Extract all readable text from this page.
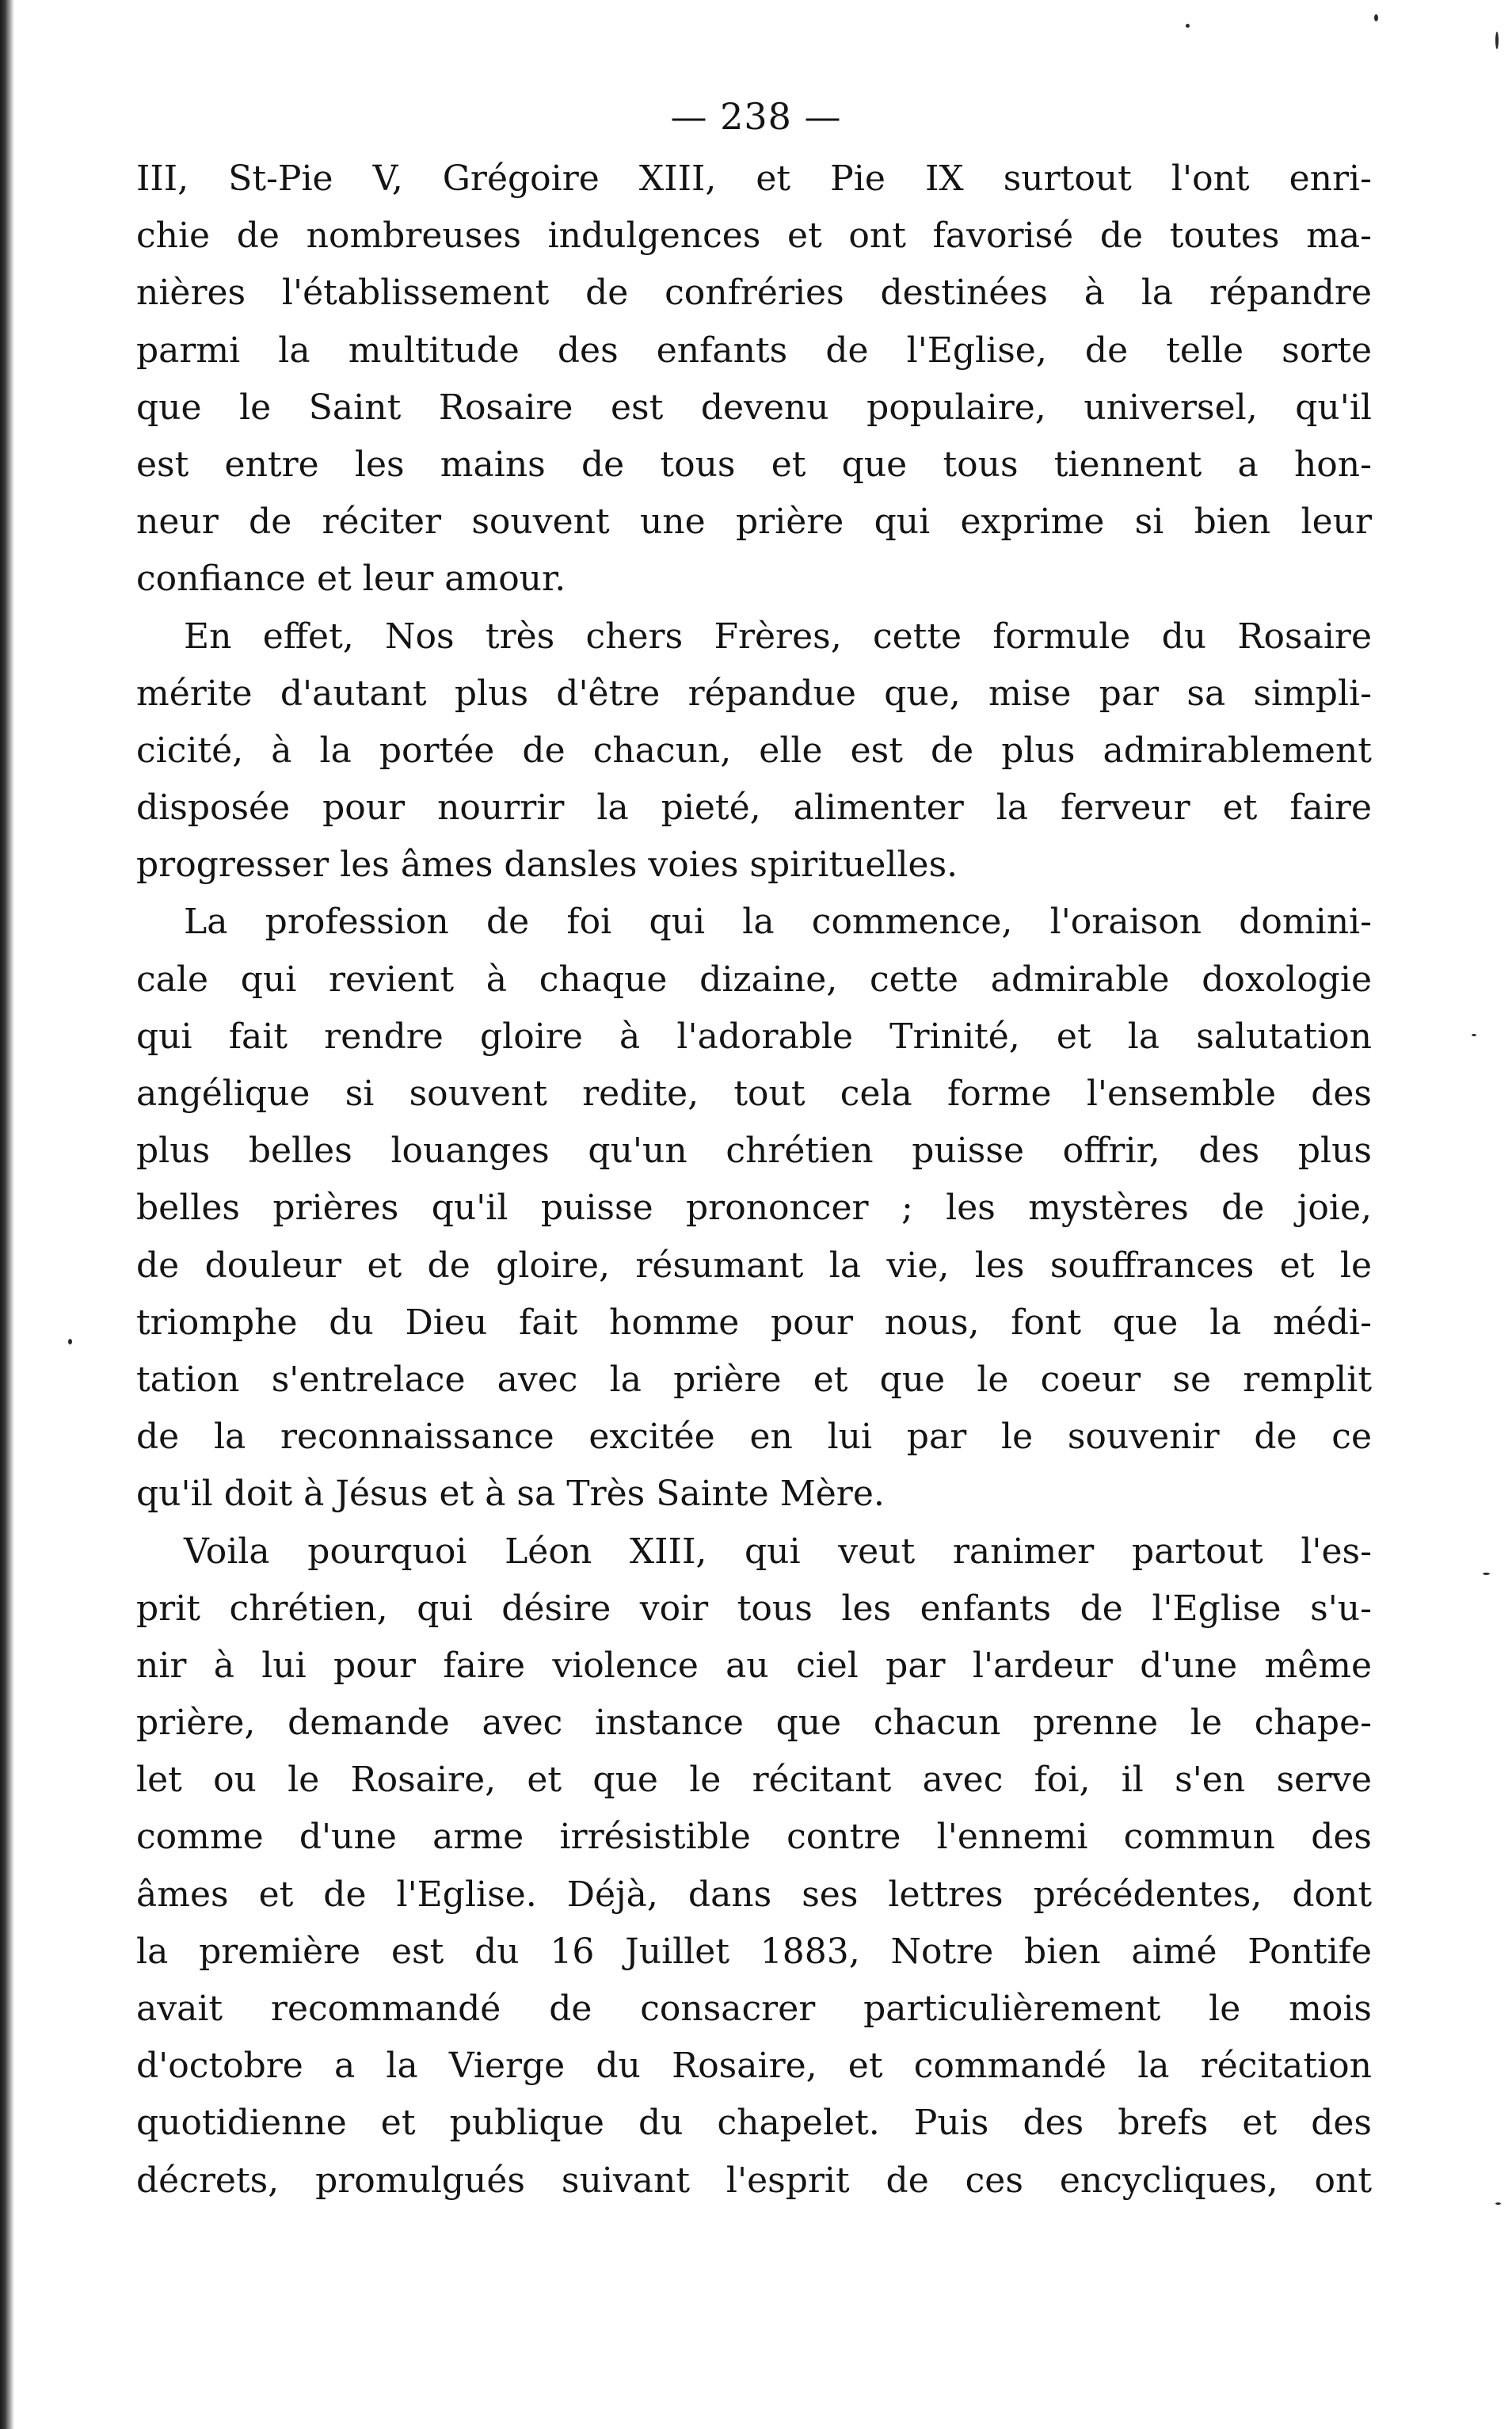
— 238 —
III, St-Pie V, Grégoire XIII, et Pie IX surtout l'ont enri-
chie de nombreuses indulgences et ont favorisé de toutes ma-
nières l'établissement de confréries destinées à la répandre
parmi la multitude des enfants de l'Eglise, de telle sorte
que le Saint Rosaire est devenu populaire, universel, qu'il
est entre les mains de tous et que tous tiennent a hon-
neur de réciter souvent une prière qui exprime si bien leur
confiance et leur amour.
En effet, Nos très chers Frères, cette formule du Rosaire
mérite d'autant plus d'être répandue que, mise par sa simpli-
cicité, à la portée de chacun, elle est de plus admirablement
disposée pour nourrir la pieté, alimenter la ferveur et faire
progresser les âmes dansles voies spirituelles.
La profession de foi qui la commence, l'oraison domini-
cale qui revient à chaque dizaine, cette admirable doxologie
qui fait rendre gloire à l'adorable Trinité, et la salutation
angélique si souvent redite, tout cela forme l'ensemble des
plus belles louanges qu'un chrétien puisse offrir, des plus
belles prières qu'il puisse prononcer ; les mystères de joie,
de douleur et de gloire, résumant la vie, les souffrances et le
triomphe du Dieu fait homme pour nous, font que la médi-
tation s'entrelace avec la prière et que le coeur se remplit
de la reconnaissance excitée en lui par le souvenir de ce
qu'il doit à Jésus et à sa Très Sainte Mère.
Voila pourquoi Léon XIII, qui veut ranimer partout l'es-
prit chrétien, qui désire voir tous les enfants de l'Eglise s'u-
nir à lui pour faire violence au ciel par l'ardeur d'une même
prière, demande avec instance que chacun prenne le chape-
let ou le Rosaire, et que le récitant avec foi, il s'en serve
comme d'une arme irrésistible contre l'ennemi commun des
âmes et de l'Eglise. Déjà, dans ses lettres précédentes, dont
la première est du 16 Juillet 1883, Notre bien aimé Pontife
avait recommandé de consacrer particulièrement le mois
d'octobre a la Vierge du Rosaire, et commandé la récitation
quotidienne et publique du chapelet. Puis des brefs et des
décrets, promulgués suivant l'esprit de ces encycliques, ont
